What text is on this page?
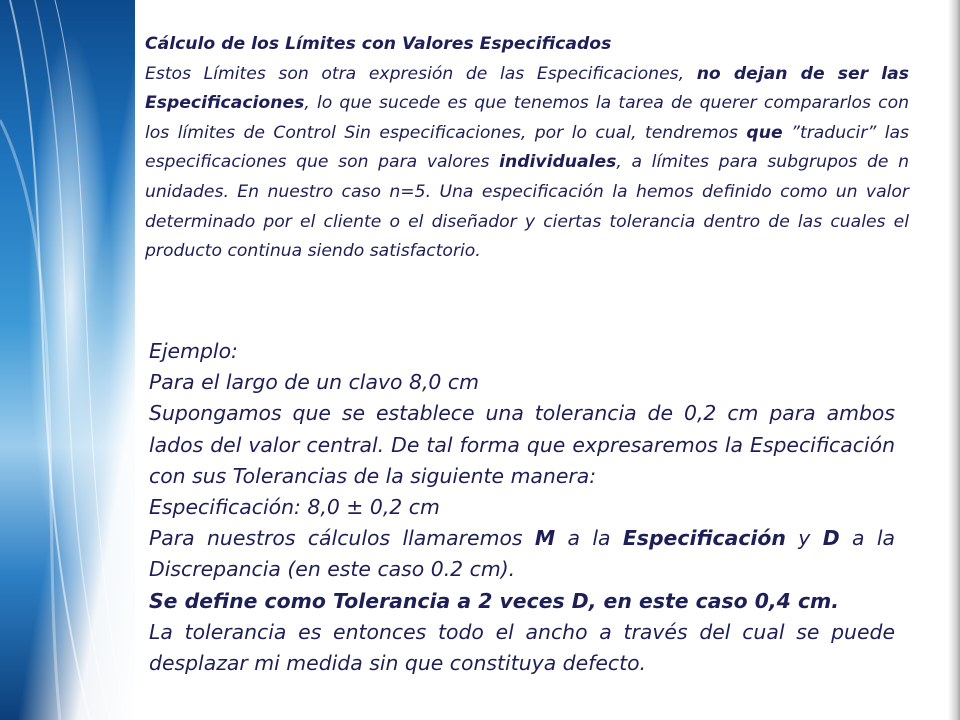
Cálculo de los Límites con Valores Especificados
Estos Límites son otra expresión de las Especificaciones, no dejan de ser las Especificaciones, lo que sucede es que tenemos la tarea de querer compararlos con los límites de Control Sin especificaciones, por lo cual, tendremos que ”traducir” las especificaciones que son para valores individuales, a límites para subgrupos de n unidades. En nuestro caso n=5. Una especificación la hemos definido como un valor determinado por el cliente o el diseñador y ciertas tolerancia dentro de las cuales el producto continua siendo satisfactorio.
Ejemplo:
Para el largo de un clavo 8,0 cm
Supongamos que se establece una tolerancia de 0,2 cm para ambos lados del valor central. De tal forma que expresaremos la Especificación con sus Tolerancias de la siguiente manera:
Especificación: 8,0 ± 0,2 cm
Para nuestros cálculos llamaremos M a la Especificación y D a la Discrepancia (en este caso 0.2 cm).
Se define como Tolerancia a 2 veces D, en este caso 0,4 cm.
La tolerancia es entonces todo el ancho a través del cual se puede desplazar mi medida sin que constituya defecto.
